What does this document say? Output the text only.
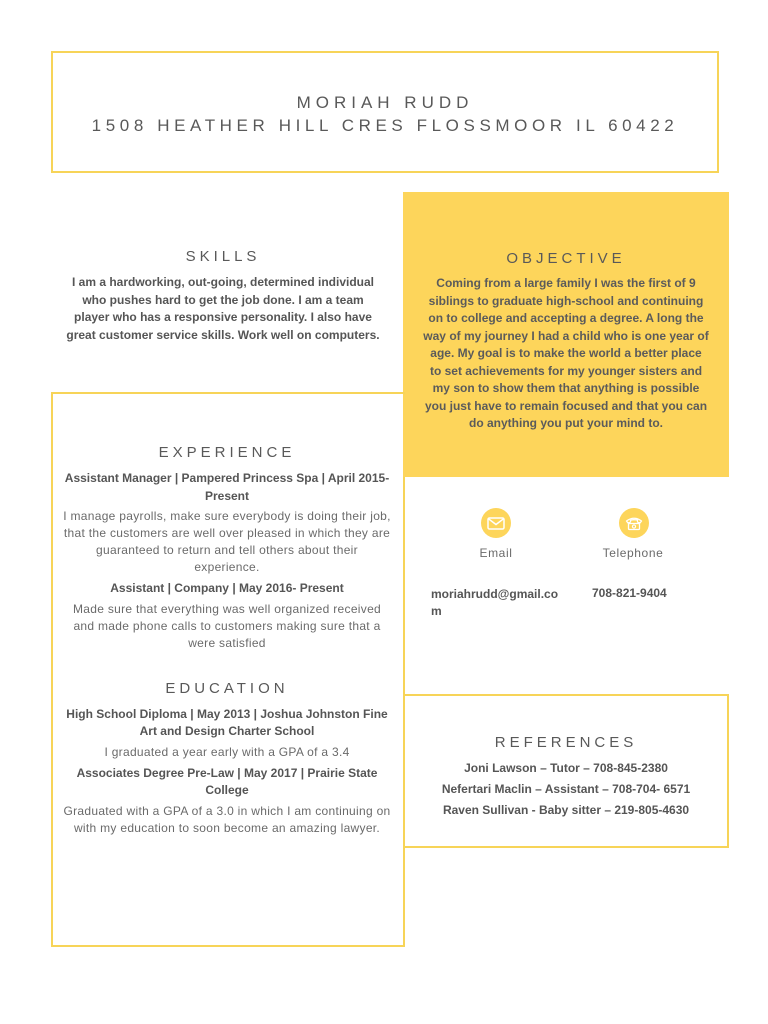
MORIAH RUDD
1508 HEATHER HILL CRES FLOSSMOOR IL 60422
SKILLS
I am a hardworking, out-going, determined individual who pushes hard to get the job done. I am a team player who has a responsive personality. I also have great customer service skills. Work well on computers.
OBJECTIVE
Coming from a large family I was the first of 9 siblings to graduate high-school and continuing on to college and accepting a degree. A long the way of my journey I had a child who is one year of age. My goal is to make the world a better place to set achievements for my younger sisters and my son to show them that anything is possible you just have to remain focused and that you can do anything you put your mind to.
EXPERIENCE
Assistant Manager | Pampered Princess Spa | April 2015- Present
I manage payrolls, make sure everybody is doing their job, that the customers are well over pleased in which they are guaranteed to return and tell others about their experience.
Assistant | Company | May 2016- Present
Made sure that everything was well organized received and made phone calls to customers making sure that a were satisfied
EDUCATION
High School Diploma | May 2013 | Joshua Johnston Fine Art and Design Charter School
I graduated a year early with a GPA of a 3.4
Associates Degree Pre-Law | May 2017 | Prairie State College
Graduated with a GPA of a 3.0 in which I am continuing on with my education to soon become an amazing lawyer.
Email	Telephone
moriahrudd@gmail.com
708-821-9404
REFERENCES
Joni Lawson – Tutor – 708-845-2380
Nefertari Maclin – Assistant – 708-704- 6571
Raven Sullivan - Baby sitter – 219-805-4630
